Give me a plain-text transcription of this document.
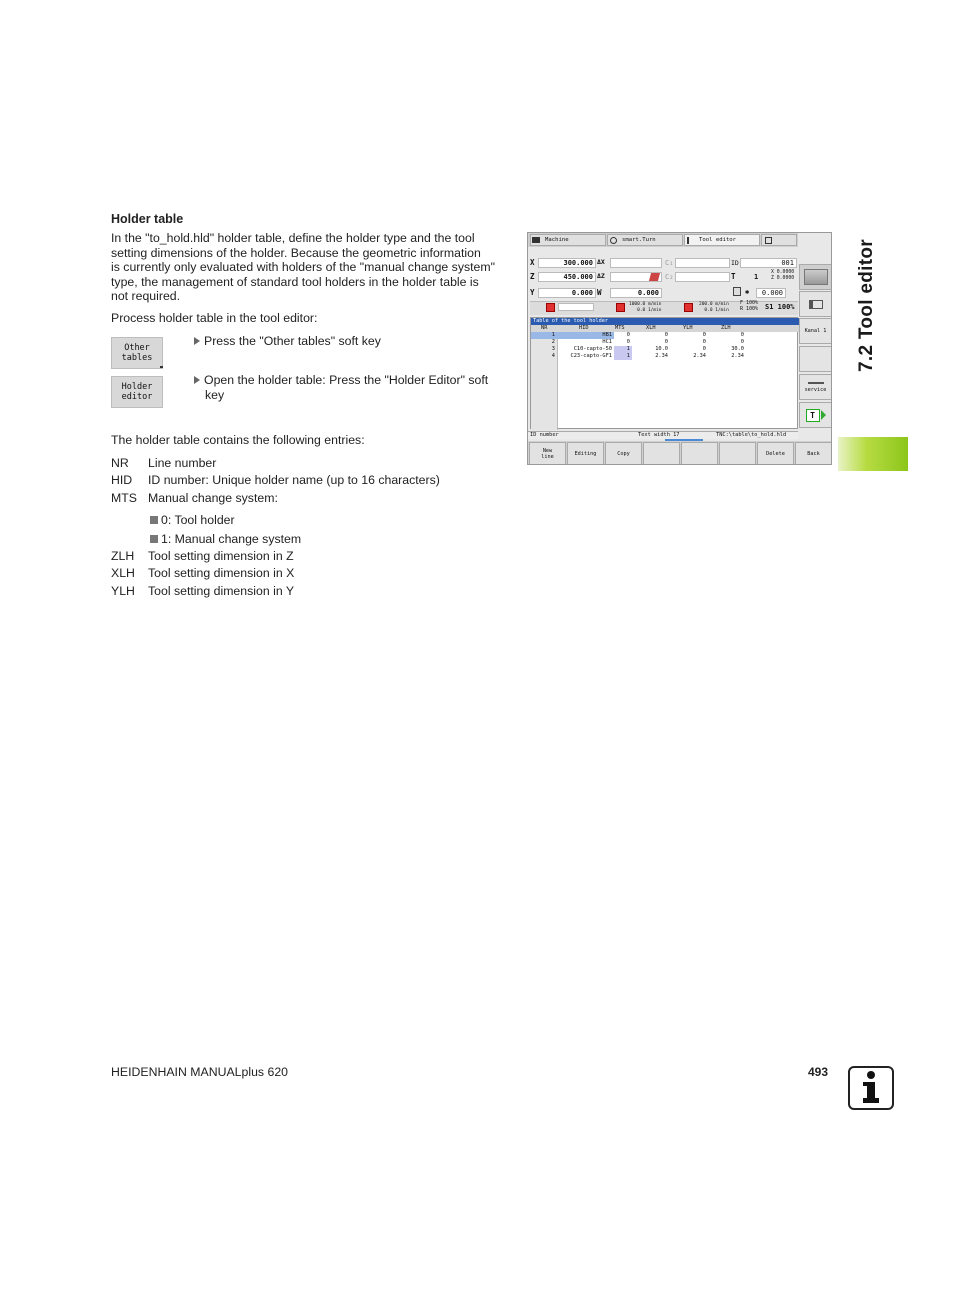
7.2 Tool editor
Holder table
In the "to_hold.hld" holder table, define the holder type and the tool
setting dimensions of the holder. Because the geometric information
is currently only evaluated with holders of the "manual change system"
type, the management of standard tool holders in the holder table is
not required.
Process holder table in the tool editor:
Other
tables
Press the "Other tables" soft key
Holder
editor
Open the holder table: Press the "Holder Editor" soft
key
The holder table contains the following entries:
NR Line number
HID ID number: Unique holder name (up to 16 characters)
MTS Manual change system:
0: Tool holder
1: Manual change system
ZLH Tool setting dimension in Z
XLH Tool setting dimension in X
YLH Tool setting dimension in Y
Machine	smart.Turn	Tool editor
X	300.000 ΔX
Z	450.000 ΔZ
Y	0.000 W	0.000
C₁
C₂
ID	001
T	1
X 0.0000
Z 0.0000
✱	0.000
1000.0 m/min
0.0 1/min
200.0 m/min
0.0 1/min
F 100%
R 100% S1 100%
Table of the tool holder
NR	HID	MTS	XLH	YLH	ZLH
1	HB1	0	0	0	0
2	HC1	0	0	0	0
3	C10-capto-50	1	10.0	0	30.0
4	C23-capto-GF1	1	2.34	2.34	2.34
ID number	Text width 17	TNC:\table\to_hold.hld
New
line	Editing	Copy	Delete	Back
Kanal 1
service
T
HEIDENHAIN MANUALplus 620	493
